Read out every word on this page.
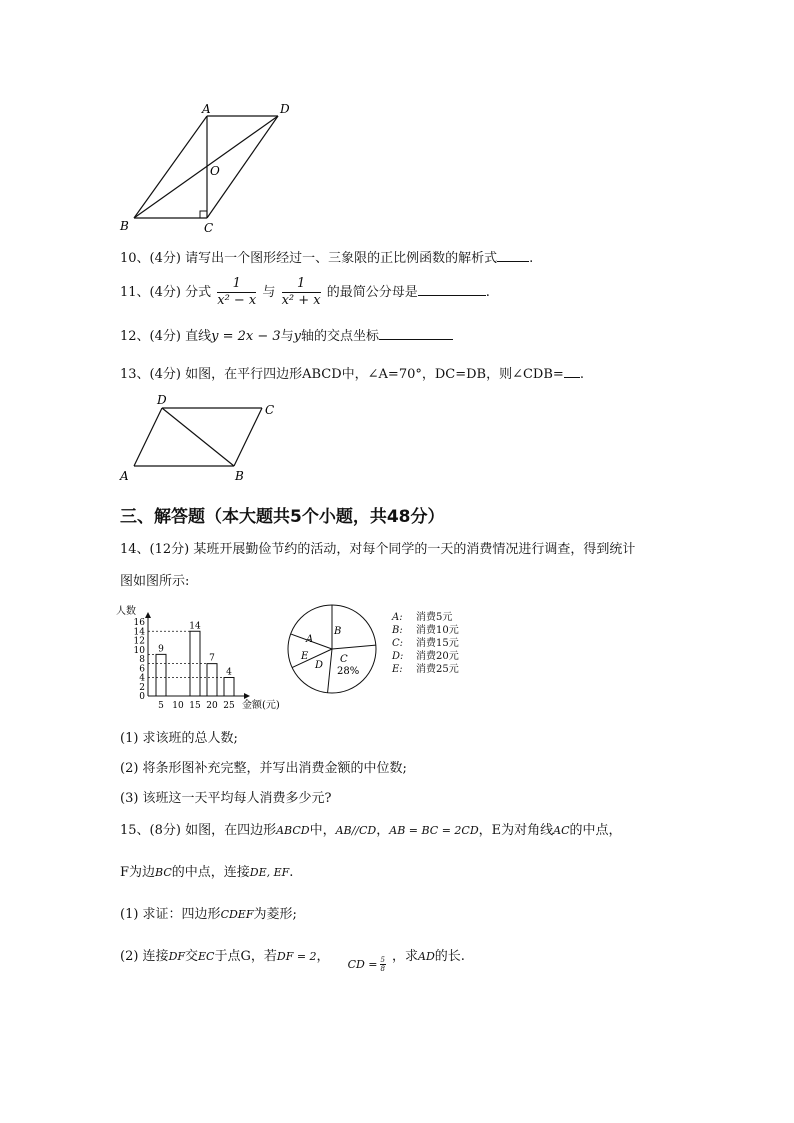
A	D
O
B	C
10、(4分) 请写出一个图形经过一、三象限的正比例函数的解析式 .
11、(4分) 分式 $\frac{1}{\text{x² − x}}$ 与 $\frac{1}{\text{x² + x}}$ 的最简公分母是	.
12、(4分) 直线y = 2x − 3与y轴的交点坐标
13、(4分) 如图，在平行四边形ABCD中，∠A=70°，DC=DB，则∠CDB= .
D
C
A	B
三、解答题（本大题共5个小题，共48分）
14、(12分) 某班开展勤俭节约的活动，对每个同学的一天的消费情况进行调查，得到统计
图如图所示:
人数
金额(元)
0
2
4
6
8
10
12
14
16
5
9
10 15
14
20
7
25
4
A
B
C
28%
D
E
A: 消费5元
B: 消费10元
C: 消费15元
D: 消费20元
E: 消费25元
(1) 求该班的总人数;
(2) 将条形图补充完整，并写出消费金额的中位数;
(3) 该班这一天平均每人消费多少元?
15、(8分) 如图，在四边形ABCD中，AB//CD，AB = BC = 2CD，E为对角线AC的中点，
F为边BC的中点，连接DE, EF.
(1) 求证：四边形CDEF为菱形;
(2) 连接DF交EC于点G，若DF = 2，$_{CD =} \frac{5}{8}$ ，求AD的长.
